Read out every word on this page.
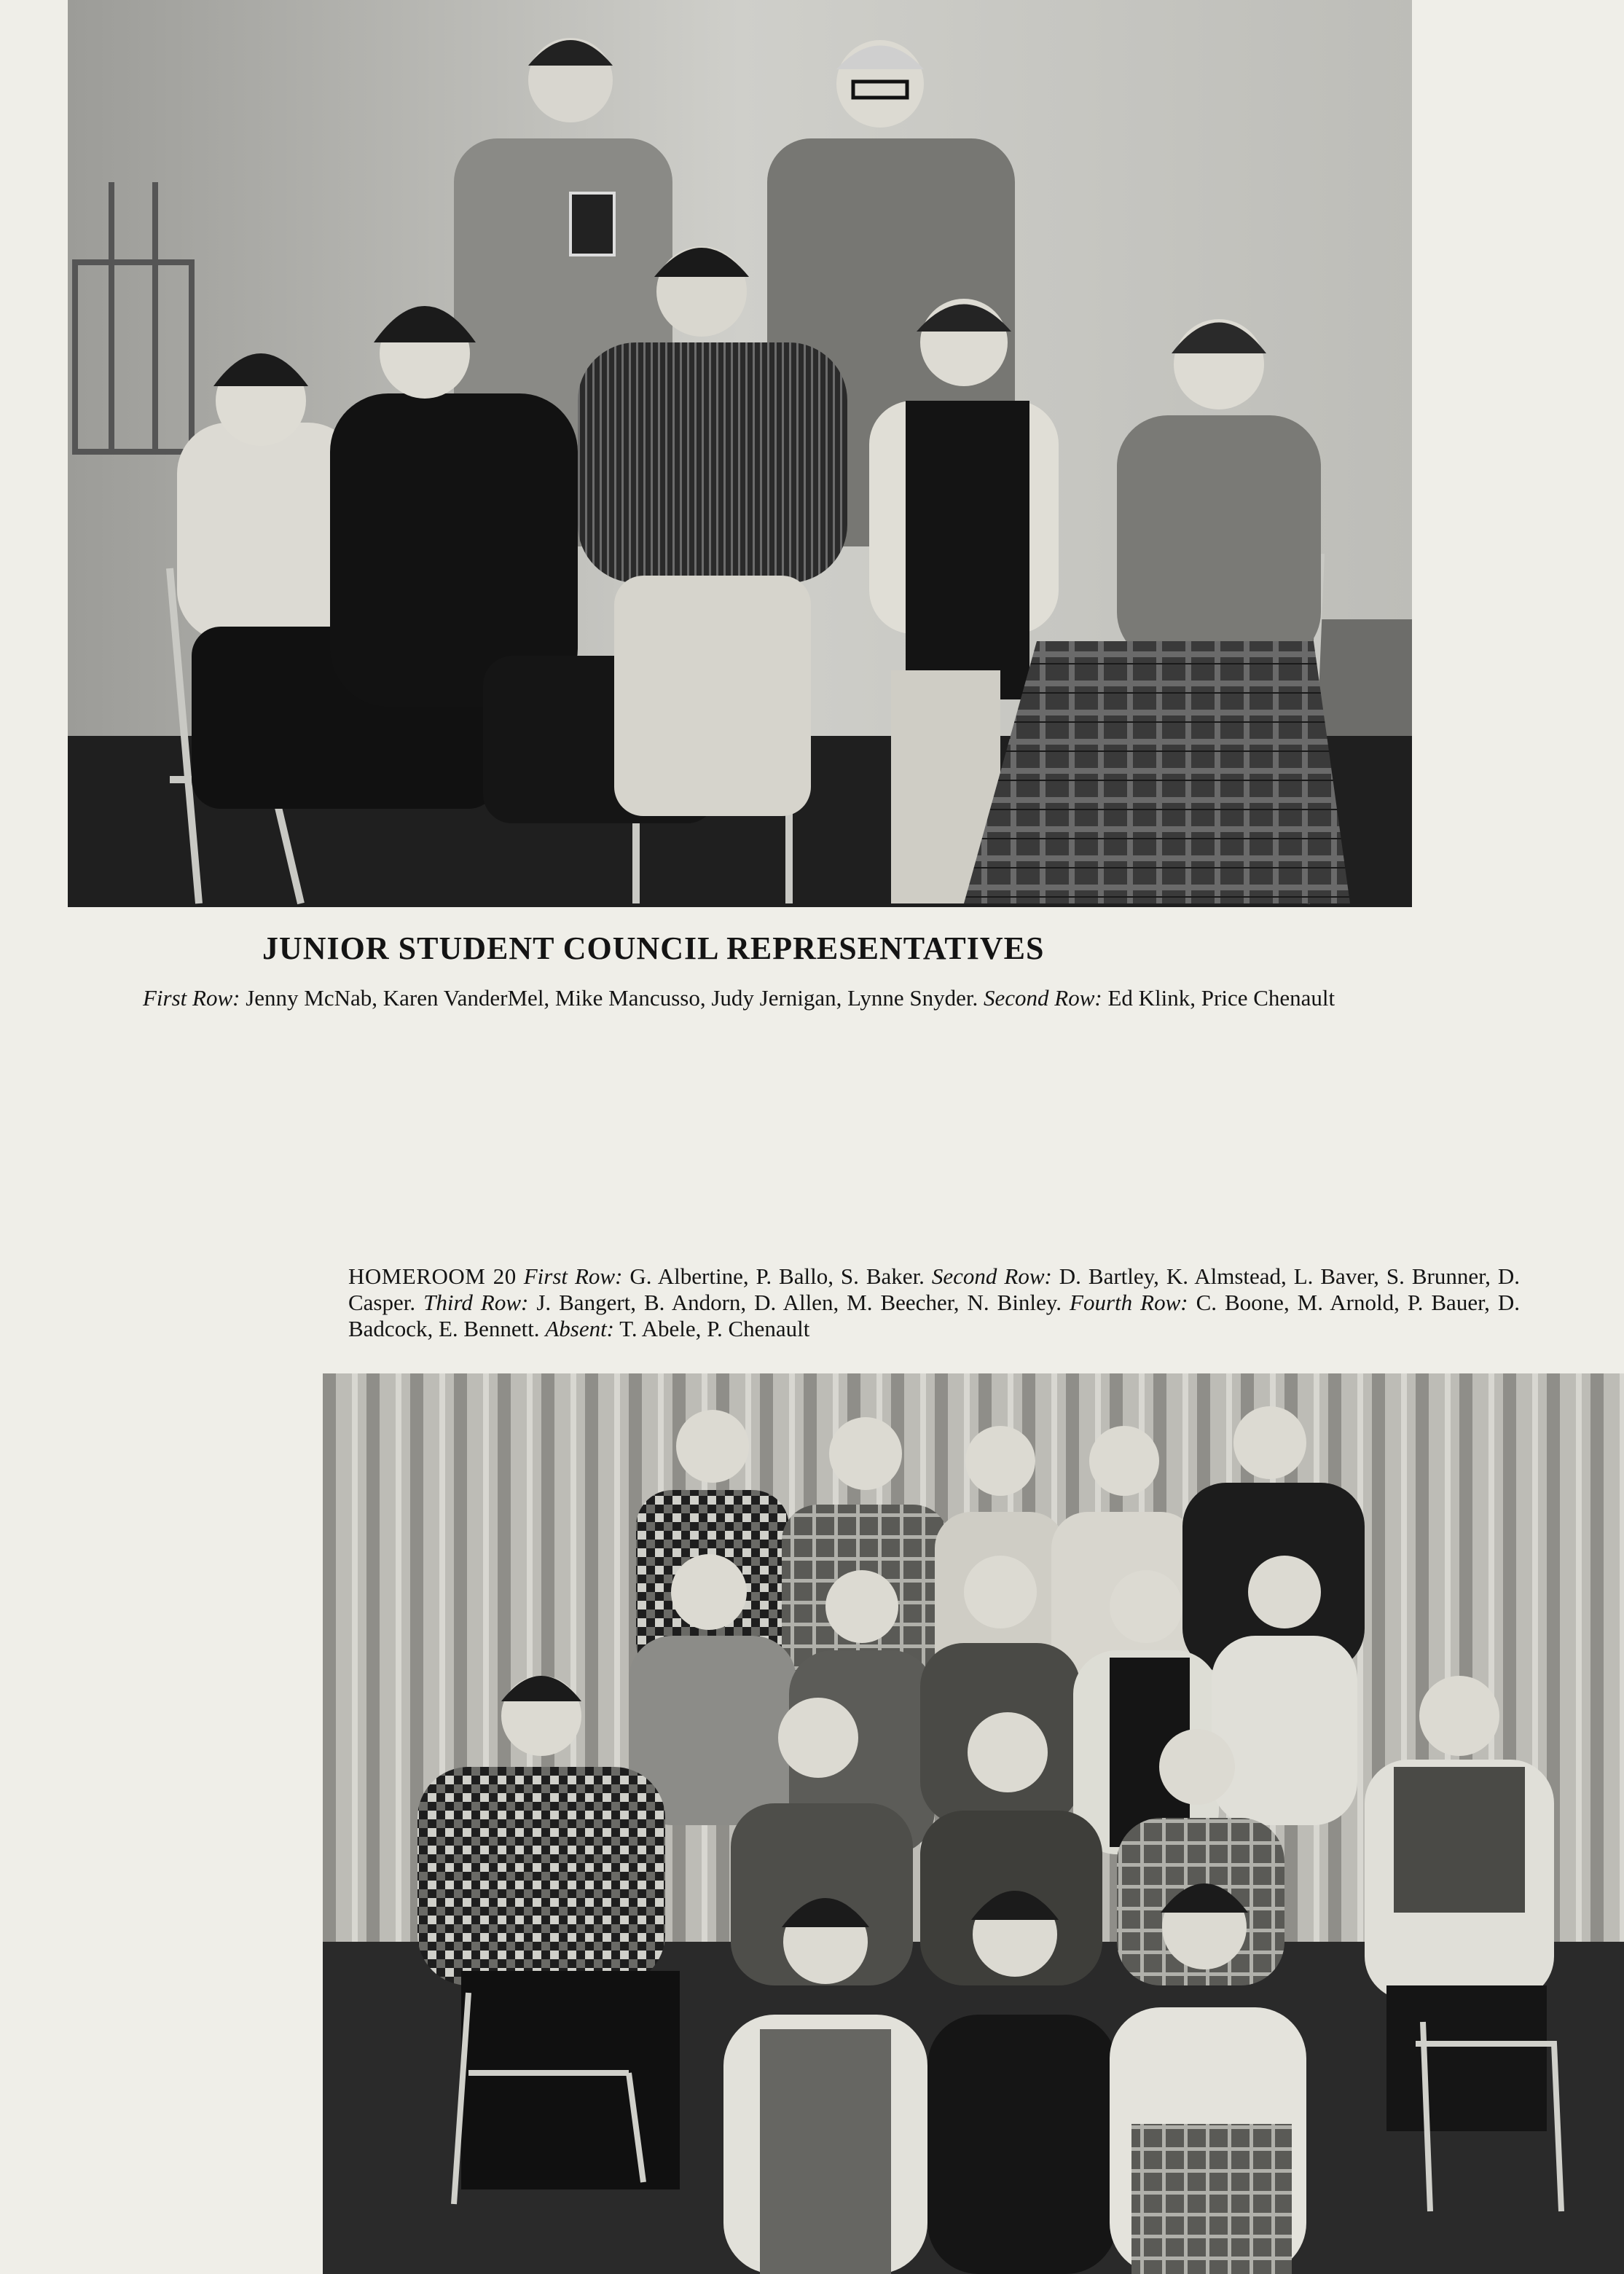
JUNIOR STUDENT COUNCIL REPRESENTATIVES
First Row: Jenny McNab, Karen VanderMel, Mike Mancusso, Judy Jernigan, Lynne Snyder. Second Row: Ed Klink, Price Chenault
HOMEROOM 20 First Row: G. Albertine, P. Ballo, S. Baker. Second Row: D. Bartley, K. Almstead, L. Baver, S. Brunner, D. Casper. Third Row: J. Bangert, B. Andorn, D. Allen, M. Beecher, N. Binley. Fourth Row: C. Boone, M. Arnold, P. Bauer, D. Badcock, E. Bennett. Absent: T. Abele, P. Chenault
